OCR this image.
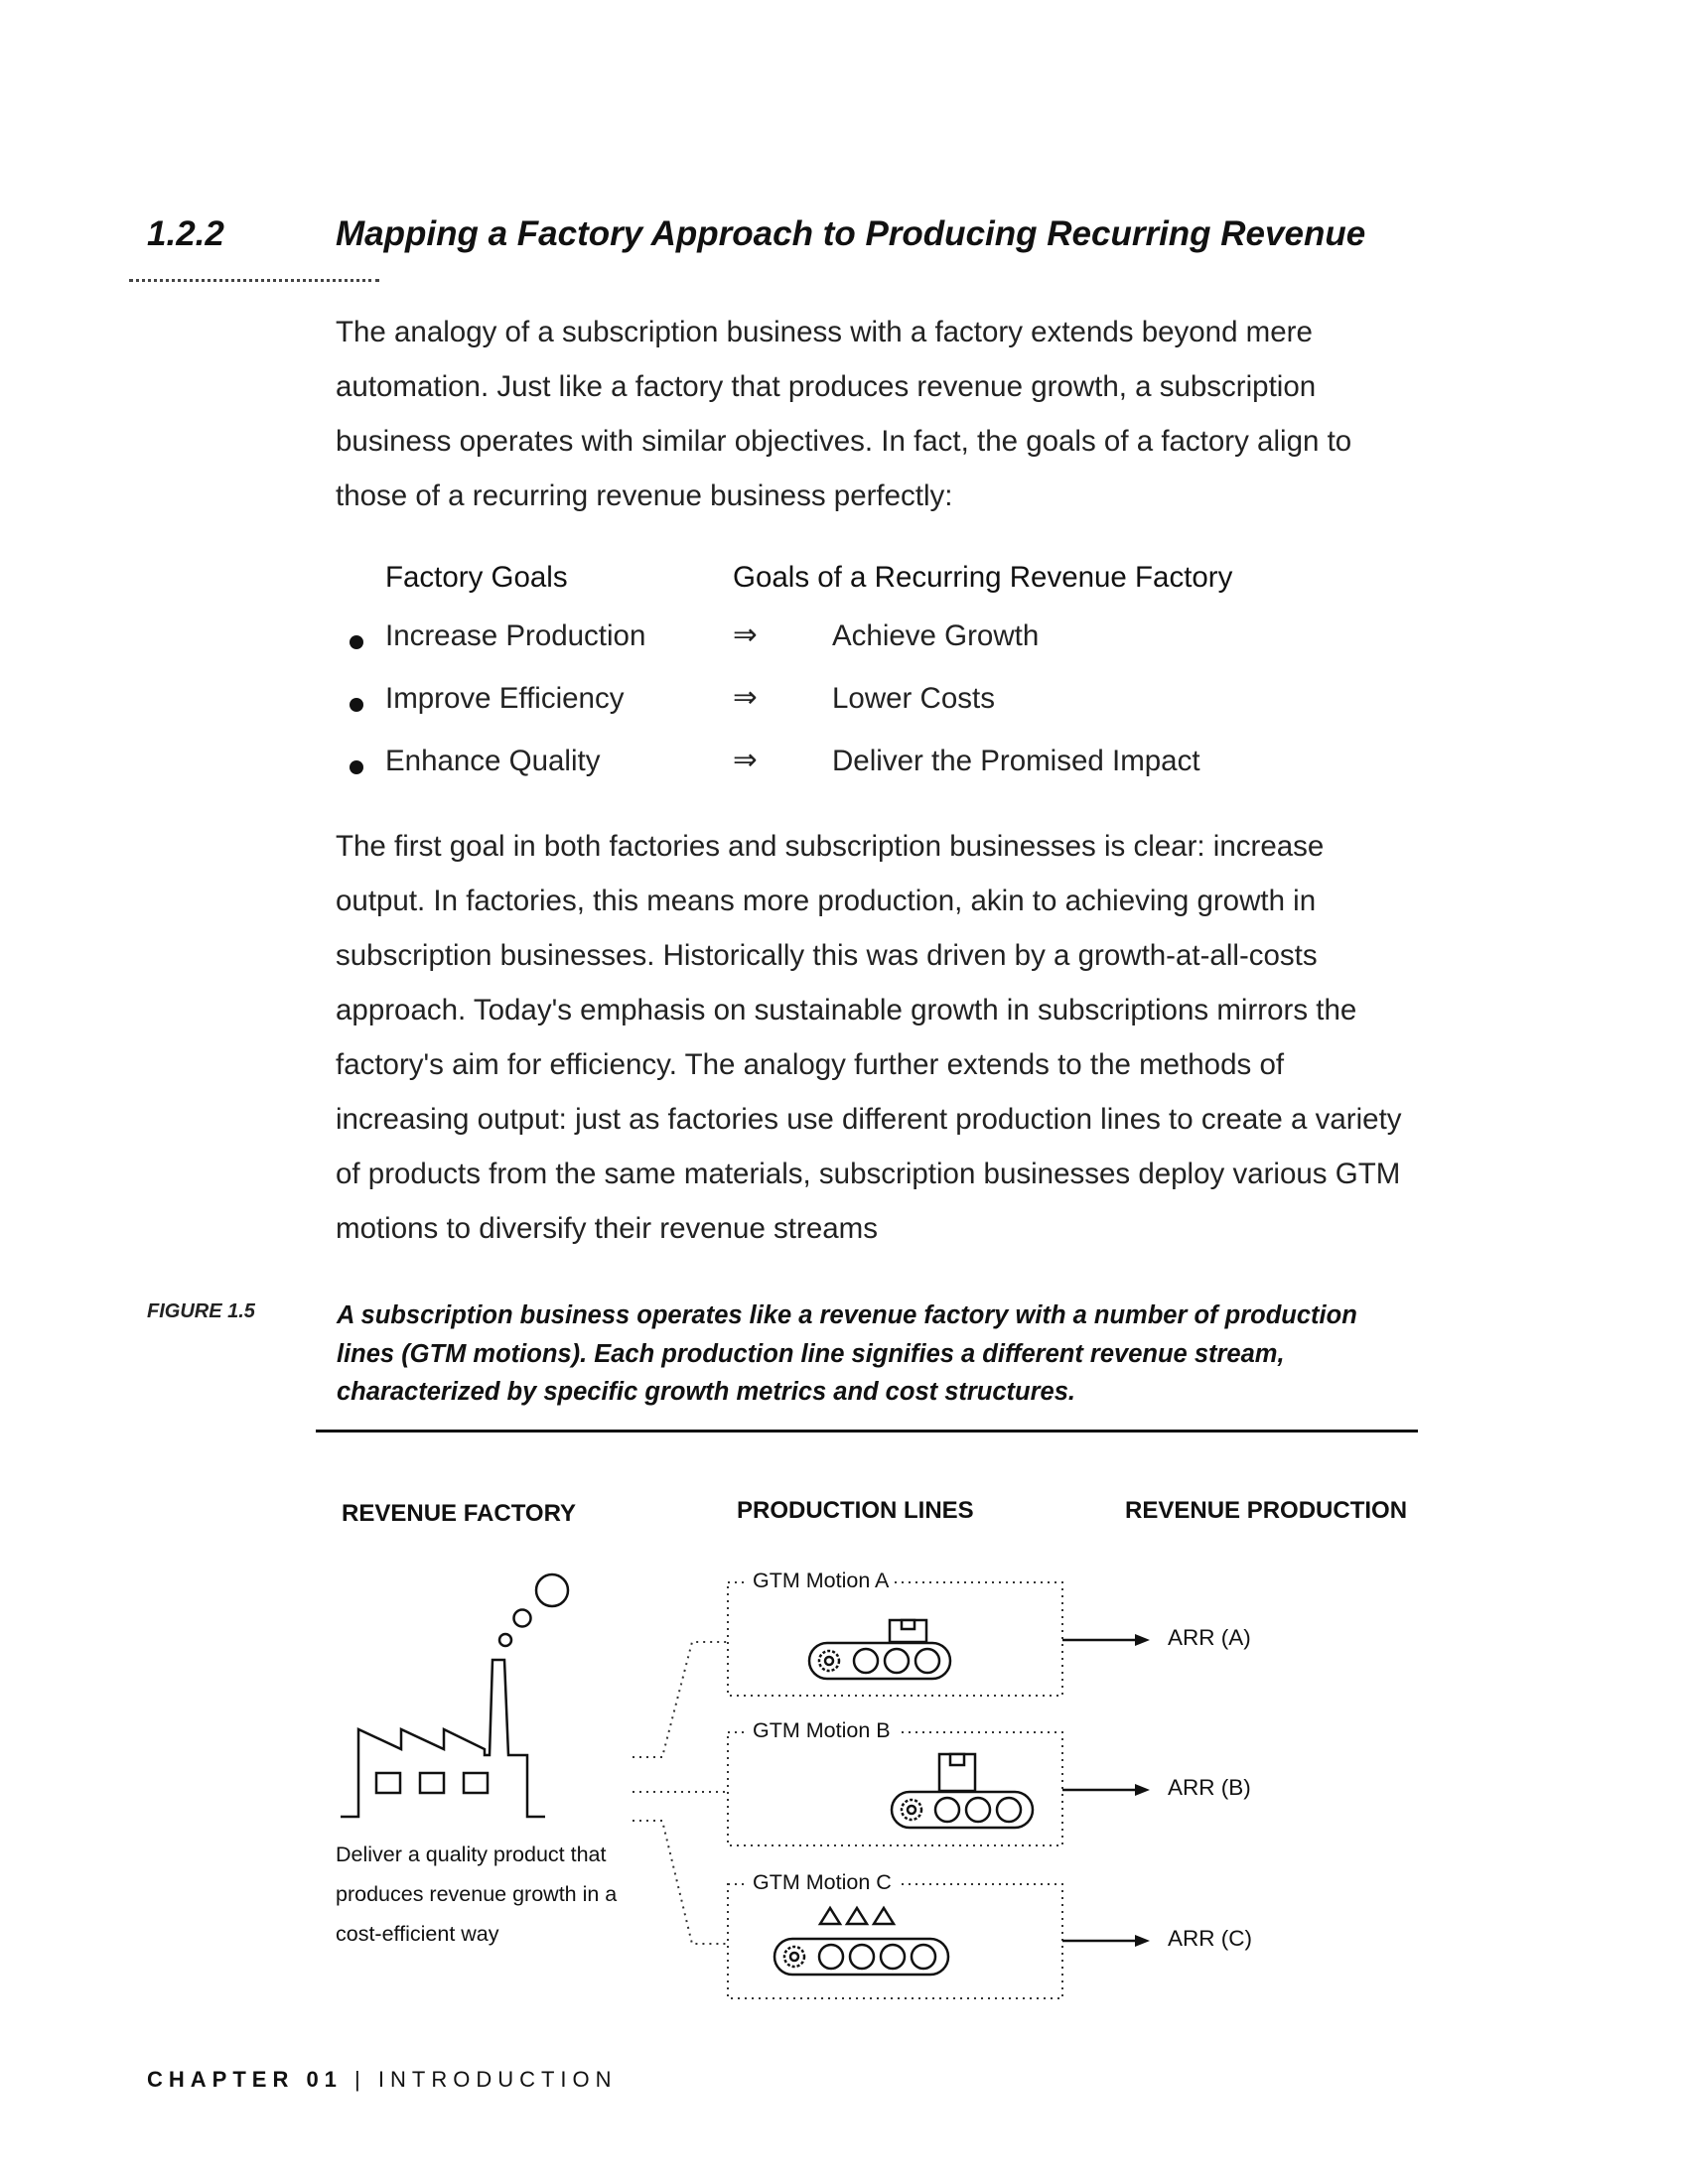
1.2.2	Mapping a Factory Approach to Producing Recurring Revenue

The analogy of a subscription business with a factory extends beyond mere automation. Just like a factory that produces revenue growth, a subscription business operates with similar objectives. In fact, the goals of a factory align to those of a recurring revenue business perfectly:

Factory Goals	Goals of a Recurring Revenue Factory

Increase Production	⇒	Achieve Growth
Improve Efficiency	⇒	Lower Costs
Enhance Quality	⇒	Deliver the Promised Impact

The first goal in both factories and subscription businesses is clear: increase output. In factories, this means more production, akin to achieving growth in subscription businesses. Historically this was driven by a growth-at-all-costs approach. Today's emphasis on sustainable growth in subscriptions mirrors the factory's aim for efficiency. The analogy further extends to the methods of increasing output: just as factories use different production lines to create a variety of products from the same materials, subscription businesses deploy various GTM motions to diversify their revenue streams

FIGURE 1.5	A subscription business operates like a revenue factory with a number of production lines (GTM motions). Each production line signifies a different revenue stream, characterized by specific growth metrics and cost structures.

REVENUE FACTORY	PRODUCTION LINES	REVENUE PRODUCTION

GTM Motion A

GTM Motion B

GTM Motion C

ARR (A)

ARR (B)

ARR (C)

Deliver a quality product that produces revenue growth in a cost-efficient way

CHAPTER 01 | INTRODUCTION
